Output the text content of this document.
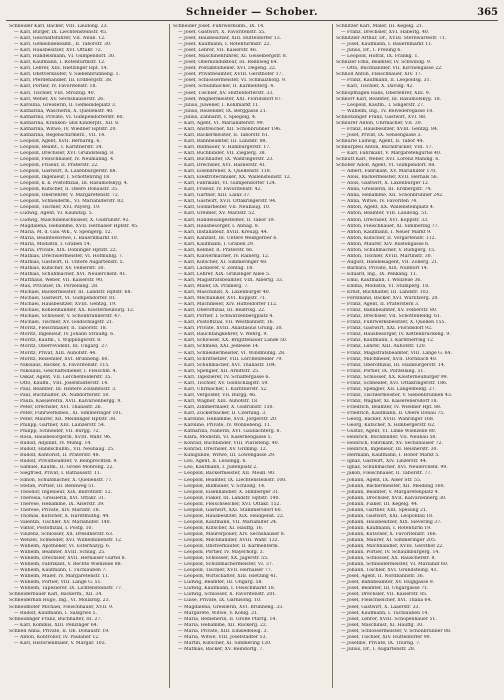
Schneider — Schober.	365
Schneider Karl, Bäcker, VIII. Laudong. 23.
— Karl, Bürger, IX. Liechtensteinstr. 45.
— Karl, Geschäftsführer, VII. Neub. 12.
— Karl, Gemeindebeamt., II. Taborstr. 30.
— Karl, Hausbesitzer, XVI. Ottakr. 72.
— Karl, Handelsmann, VI. Gumpendorf. 30.
— Karl, Kaufmann, I. Rotenturmstr. 12.
— Karl, Lehrer, XIII. Hietzinger Hpt. 14.
— Karl, Obstverkäufer, V. Siebenbrunneng. 1.
— Karl, Pferdehändler, III. Erdbergstr. 38.
— Karl, Portier, IV. Favoritenstr. 18.
— Karl, Tischler, VIII. Strozzig. 40.
— Karl, Weber, XV. Sechshauserstr. 26.
— Karolina, Greislerin, II. Gemeindeplatz 3.
— Katharina, Wäscherin, X. Quellenstr. 40.
— Katharina, Private, VI. Gumpendorferstr. 60.
— Katharina, Kranken- und Kinderpfl., XII. 8.
— Katharina, Witwe, IV. Wiedner Hptstr. 20.
— Katharina, Regenschirmerz., VII. 14.
— Leopold, Agent, XVII. Bernardg. 6.
— Leopold, Beamt., I. Kärntnerstr. 34.
— Leopold, Drechsler, XVI. Grundsteing. 8.
— Leopold, Fleischhauer, IV. Neumanng. 4.
— Leopold, Friseur, II. Praterstr. 22.
— Leopold, Gastwirt, X. Laxenburgerstr. 68.
— Leopold, Ingenieur, I. Schottenring 18.
— Leopold, k. k. Postoffizial, III. Rasumofskyg. 4.
— Leopold, Kutscher, II. Obere Donaustr. 35.
— Leopold, Oberlehrer, V. Margaretenstr. 72.
— Leopold, Schneiderm., VI. Mariahilferstr. 82.
— Leopold, Tischler, XVI. Payerg. 19.
— Ludwig, Agent, VI. Kaunitzg. 5.
— Ludwig, Maschinenschlosser, X. Gudrunstr. 92.
— Magdalena, Hebamme, XVII. Hernalser Hptstr. 45.
— Maria, M. d. Gas.-Wk., V. Spengerg. 12.
— Maria, Beamteswitwe, I. Bauernmarkt 10.
— Maria, Modistin, I. Graben 14.
— Maria, Private, XIX. Döblinger Hptstr. 22.
— Mathias, Drechslermeister, VI. Hofmühlg. 7.
— Mathias, Gastwirt, II. Untere Augartenstr. 5.
— Mathias, Kutscher, XV. Felberstr. 30.
— Mathias, Schuhmacher, XVI. Neulerchenf. 41.
— Matthäus, Weber, VII. Kaiserstr. 90.
— Max, Privatier, IX. Porzellang. 28.
— Michael, Bäckermeister, III. Landstr. Hptstr. 68.
— Michael, Gastwirt, VI. Gumpendorfer. 81.
— Michael, Hausbesitzer, XVIII. Gentzg. 19.
— Michael, Kohlenhändler, XX. Klosterneuburg. 12.
— Michael, Schlosser, V. Schönbrunnerstr. 47.
— Michael, Tischler, XV. Goldschlagstr. 21.
— Moritz, Fleischhauer, II. Taborstr. 18.
— Moritz, Ingenieur, IV. Johann Straußg. 6.
— Moritz, Kaufm., I. Wipplingerstr. 8.
— Moritz, Oberrevident, III. Ungarg. 27.
— Moritz, Privat, XIII. Auhofstr. 44.
— Moritz, Reisender, XVI. Brunneng. 60.
— Nikolaus, Bäcker, X. Favoritenstr. 115.
— Nikolaus, Geschäftsdiener, I. Fleischm. 4.
— Oskar, Agent, VII. Lerchenfelderstr. 35.
— Otto, Kaufm., VIII. Josefstädterstr. 14.
— Paul, Beamter, III. Hintere Zollamtsstr. 3.
— Paul, Buchhalter, IX. Nußdorferstr. 50.
— Paula, Kassiererin, XVII. Kalvarienbergg. 9.
— Peter, Drechsler, XVI. Thaliastr. 26.
— Peter, Fuhrwerksbes., XI. Simmeringer 101.
— Peter, Maurer, XII. Meidlinger Hptstr. 38.
— Philipp, Gärtner, XIII. Lainzerstr. 54.
— Philipp, Schneider, VII. Burgg. 72.
— Rosa, Hausbesorgerin, XVIII. Währ. 96.
— Rudolf, Adjunkt, IV. Mühlg. 14.
— Rudolf, Handschuhm., VII. Neubaug. 25.
— Rudolf, Kontorist, II. Praterstr. 48.
— Rudolf, Privatbeamter, V. Reinprechtsd. 9.
— Samuel, Kaufm., II. Große Mohreng. 22.
— Siegfried, Privat, I. Rathausstr. 11.
— Simon, Schuhmacher, X. Quellenstr. 77.
— Stefan, Portier, III. Rennweg 51.
— Theodor, Ingenieur, XIX. Billrothstr. 12.
— Theresia, Greislerin, XVI. Ottakr. 31.
— Therese, Hebamme, IX. Alserstr. 39.
— Therese, Private, XIV. Märzstr. 18.
— Thomas, Kutscher, X. Hardtmuthg. 44.
— Valentin, Tischler, XV. Mariahilfer. 140.
— Viktor, Postoffizial, I. Postg. 10.
— Vinzenz, Schlosser, XX. Dresdnerstr. 63.
— Wenzel, Schneider, XVI. Wilhelminenstr. 12.
— Wilhelm, Apotheker, VI. Esterhazyg. 6.
— Wilhelm, Beamter, XVIII. Schulg. 25.
— Wilhelm, Drechsler, XVII. Hernalser Gürtel 8.
— Wilhelm, Fabrikant, V. Rechte Wienzeile 88.
— Wilhelm, Kaufmann, I. Tuchlauben 7.
— Wilhelm, Maler, IV. Margaretenstr. 11.
— Wilhelm, Portier, VIII. Lange G. 51.
— Wilhelm, Tapezierer, IX. Lichtensteinstr. 77.
Schneiderbauer Karl, Bäckerm., XII. 34.
Schneiderhan Hugo, Ing., VI. Mollardg. 23.
Schneidhofer Michael, Fleischhauer, XVII. 9.
— Rudolf, Kaufmann, I. Salzgries 5.
Schneidinger Franz, Buchhalter, III. 27.
— Karl, Kommis, XIII. Penzinger 64.
Schnell Anna, Private, II. Ob. Donaustr. 19.
— Anton, Kontrollor, IV. Paulaner 12.
— Karl, Historienmaler, V. Margar. 102.
Schneider Josef, Fuhrwerksinh., IX. 14.
— Josef, Gastwirt, X. Favoritenstr. 55.
— Josef, Hausbesitzer, XIII. Hütteldorfer 13.
— Josef, Kaufmann, I. Rotenturmstr. 22.
— Josef, Lehrer, VII. Kaiserstr. 46.
— Josef, Maschinenführer, XI. Geiselbergstr. 8.
— Josef, Oberkondukteur, III. Rennweg 64.
— Josef, Postamtsdiener, XVI. Degeng. 22.
— Josef, Privatbeamter, XVIII. Gersthofer 17.
— Josef, Schlossermeister, VI. Schmalzhofg. 9.
— Josef, Schuhmacher, II. Karmeliterg. 4.
— Josef, Tischler, XV. Hütteldorferstr. 33.
— Josef, Wagnermeister, XXI. Floridsdorf 87.
— Julius, Juwelier, I. Kohlmarkt 11.
— Julius, Reisender, IX. Berggasse 21.
— Julius, Zahnarzt, I. Spiegelg. 4.
— Karl, Agent, VI. Mariahilferstr. 99.
— Karl, Anstreicher, XII. Schönbrunner 196.
— Karl, Bäckermeister, II. Taborstr. 61.
— Karl, Bahnbeamter, III. Landstr. 88.
— Karl, Bildhauer, V. Hamburgerstr. 17.
— Karl, Buchbinder, VII. Zieglerg. 38.
— Karl, Buchhalter, IX. Währingerstr. 23.
— Karl, Drechsler, XVI. Hasnerstr. 41.
— Karl, Eisendreher, X. Quellenstr. 118.
— Karl, Elektrotechniker, XX. Wallensteinstr. 12.
— Karl, Fabrikant, VI. Gumpendorfer 124.
— Karl, Friseur, IV. Favoritenstr. 42.
— Karl, Gärtner, XIII. Lainz 37.
— Karl, Gastwirt, XVII. Ottakringerstr. 94.
— Karl, Goldarbeiter, VII. Neubaug. 10.
— Karl, Greißler, XV. Märzstr. 52.
— Karl, Handelsangestellter, II. Tabor 19.
— Karl, Hausbesorger, I. Annag. 8.
— Karl, Installateur, XVIII. Kreuzg. 44.
— Karl, Kanzlist, III. Untere Weißgerber 6.
— Karl, Kaufmann, I. Graben 29.
— Karl, Kellner, II. Praterstr. 66.
— Karl, Klaviermacher, IV. Rainerg. 12.
— Karl, Kutscher, XI. Simmeringer 48.
— Karl, Lackierer, V. Zentag. 18.
— Karl, Lehrer, XIX. Grinzinger Allee 5.
— Karl, Magistratsbeamter, VIII. Albertg. 33.
— Karl, Maler, IX. Pramerg. 7.
— Karl, Maschinist, X. Laxenburger 40.
— Karl, Mechaniker, XVI. Koppstr. 71.
— Karl, Milchmeier, XIV. Hütteldorfer 112.
— Karl, Oberoffizial, III. Beatrixg. 22.
— Karl, Portier, I. Schwarzenbergplatz 4.
— Karl, Postoffizial, VII. Westbahnstr. 16.
— Karl, Private, XVIII. Anastasius Grüng. 30.
— Karl, Rauchfangkehrer, V. Wehrg. 9.
— Karl, Schlosser, XX. Brigittenauer Lände 50.
— Karl, Schmied, XXI. Jedlesee 14.
— Karl, Schneidermeister, VI. Windmühlg. 28.
— Karl, Schriftsetzer, VIII. Lerchenfelder 79.
— Karl, Schuhmacher, XVI. Thaliastr. 104.
— Karl, Spengler, XII. Arndtstr. 25.
— Karl, Tapezierer, IV. Schäffergasse 6.
— Karl, Tischler, XV. Goldschlagstr. 59.
— Karl, Uhrmacher, I. Kärntnerstr. 52.
— Karl, Vergolder, VII. Burgg. 46.
— Karl, Wagner, XIII. Auhofstr. 18.
— Karl, Zimmermaler, X. Gudrunstr. 150.
— Karl, Zuckerbäcker, II. Czerning. 3.
— Karoline, Hebamme, XVII. Jörgerstr. 20.
— Karoline, Private, IV. Wohllebeng. 11.
— Katharina, Näherin, XVI. Gaullachterg. 8.
— Klara, Modistin, VI. Kasernengasse 5.
— Konrad, Buchbinder, VIII. Piaristeng. 40.
— Konrad, Drechsler, XV. Grimmg. 12.
— Kunigunde, Witwe, III. Löwengasse 29.
— Leo, Agent, II. Lessingg. 6.
— Leo, Kaufmann, I. Judenplatz 2.
— Leopold, Bäckermeister, XII. Meidl. 90.
— Leopold, Beamter, IX. Liechtensteinstr. 100.
— Leopold, Bildhauer, V. Schloßg. 14.
— Leopold, Eisenhändler, X. Himberger 31.
— Leopold, Fiaker, III. Landstr. Hptstr. 140.
— Leopold, Fleischselcher, XVI. Ottakr. 152.
— Leopold, Gastwirt, XXI. Stammersdorf 60.
— Leopold, Hausbesitzer, XIX. Heiligenst. 22.
— Leopold, Kaufmann, VII. Mariahilfer 24.
— Leopold, Kutscher, XI. Hauffg. 16.
— Leopold, Maurerpolier, XIV. Sechshauser 8.
— Leopold, Milchhändler, XVIII. Währ. 132.
— Leopold, Obstverkäufer, II. Karmeliterm.
— Leopold, Portier, IV. Mayerhofg. 3.
— Leopold, Schlosser, XX. Jägerstr. 55.
— Leopold, Schuhmachermeister, VI. 37.
— Leopold, Tischler, XVII. Hernalser 77.
— Leopold, Wirtschafter, XIII. Hietzing 41.
— Ludwig, Beamter, III. Ungarg. 58.
— Ludwig, Kaufmann, I. Fleischmarkt 18.
— Ludwig, Schlosser, X. Favoritenstr. 201.
— Luise, Private, IX. Garnisong. 10.
— Magdalena, Greislerin, XVI. Brunneng. 33.
— Margarete, Witwe, V. Kohlg. 21.
— Maria, Bedienerin, II. Große Pfarrg. 14.
— Maria, Hebamme, XII. Ruckerg. 22.
— Maria, Private, XIII. Einsiedeleig. 3.
— Maria, Witwe, VIII. Josefstädter 53.
— Martin, Kutscher, XI. Simmering 120.
— Mathias, Bäcker, XV. Reindorfg. 7.
Schnitzer Karl, Maler, III. Kegelg. 21.
— Franz, Drechsler, XVI. Haberlg. 40.
Schnitzler Arthur, Dr., XVIII. Sternwartestr. 71.
— Josef, Kaufmann, I. Bauernmarkt 11.
— Julius, Dr., I. Freiung 6.
— Leopold, Hofrat, IX. Frankg. 1.
Schnizer Emil, Beamter, IV. Schwindg. 9.
— Otto, Buchhändler, VII. Kirchengasse 22.
Schnöll Anton, Fleischhauer, XIV. 17.
— Franz, Kaufmann, II. Leopoldsg. 31.
— Karl, Tischler, X. Davidg. 42.
Schnopfhagen Hans, Oberlehrer, XIII. 9.
Schnorr Karl, Beamter, III. Rasumofskyg. 18.
— Leopold, Kaufm., I. Singerstr. 27.
— Wilhelm, Ing., IV. Belvederegasse 10.
Schnötzinger Franz, Gastwirt, XVI. 88.
Schnürer Anton, Uhrmacher, VII. 39.
— Franz, Hausbesitzer, XVIII. Gentzg. 84.
— Josef, Privat, IX. Sensengasse 3.
Schnürle Ludwig, Agent, II. Tabor 44.
Schnurpfeil Anton, Buchdrucker, VIII. 17.
— Karl, Fabrikant, V. Margaretengürtel 40.
Schnutt Karl, Weber, XVI. Lorenz Mandlg. 6.
Schober Adolf, Agent, VI. Gumpendorf. 88.
— Albert, Fabrikant, XV. Mariahilfer 170.
— Alois, Bäckermeister, XVII. Hernals 56.
— Alois, Gastwirt, X. Laxenburger 12.
— Anna, Greislerin, III. Erdbergstr. 74.
— Anna, Hebamme, XII. Schönbrunner 242.
— Anna, Witwe, IV. Favoriten 74.
— Anton, Agent, XX. Wallensteinplatz 4.
— Anton, Beamter, VIII. Laudong. 51.
— Anton, Drechsler, XVI. Koppstr. 33.
— Anton, Fleischhauer, XI. Simmering 77.
— Anton, Kaufmann, I. Neuer Markt 9.
— Anton, Kutscher, II. Vorgartenstr. 112.
— Anton, Maurer, XIV. Rustengasse 6.
— Anton, Schuhmacher, V. Rüdigerg. 15.
— Anton, Tischler, XVIII. Martinstr. 30.
— August, Handelsagent, VII. Zollerg. 21.
— Barbara, Private, XIX. Nußdorf 14.
— Eduard, Ing., IX. Pelikang. 11.
— Emil, Kaufmann, I. Wollzeile 36.
— Emma, Modistin, VI. Stumperg. 18.
— Ernst, Buchhalter, III. Landstr. 102.
— Ferdinand, Bäcker, XVI. Wurlitzerg. 20.
— Franz, Agent, II. Praterstern 3.
— Franz, Bahnbeamter, XV. Felberstr. 80.
— Franz, Drechsler, VII. Schottenfeldg. 61.
— Franz, Fuhrwerksbesitzer, X. Quellen 155.
— Franz, Gastwirt, XXI. Floridsdorf 92.
— Franz, Hausbesorger, IV. Kettenbrückeng. 9.
— Franz, Kaufmann, I. Kärntnerring 12.
— Franz, Lehrer, XIII. Auhofstr. 120.
— Franz, Magistratsbeamter, VIII. Lange G. 64.
— Franz, Milchmeier, XVII. Dornbach 40.
— Franz, Oberoffizial, III. Hainburgerstr. 14.
— Franz, Portier, IX. Porzellang. 51.
— Franz, Schlosser, XX. Klosterneuburger 99.
— Franz, Schneider, XVI. Ottakringerstr. 186.
— Franz, Spengler, XII. Längenfeldg. 27.
— Franz, Tischlermeister, V. Siebenbrunnen 43.
— Franz, Wagner, XI. Kaiserebersdorf 18.
— Friedrich, Beamter, IV. Wiedner Hpt. 88.
— Friedrich, Kaufmann, II. Obere Donau 75.
— Georg, Bäcker, XVIII. Währinger 168.
— Georg, Kutscher, X. Himbergerstr. 62.
— Gustav, Agent, VI. Linke Wienzeile 80.
— Heinrich, Buchbinder, VII. Neubau 58.
— Heinrich, Fabrikant, XV. Sechshauser 72.
— Heinrich, Ingenieur, III. Reisnerstr. 30.
— Hermann, Kaufmann, I. Hoher Markt 5.
— Ignaz, Gastwirt, XIV. Linzerstr. 44.
— Ignaz, Schuhmacher, XVI. Neulerchenf. 99.
— Jakob, Fleischhauer, II. Taborstr. 77.
— Johann, Agent, IX. Alser Str. 55.
— Johann, Bäckermeister, XII. Meidling 160.
— Johann, Beamter, V. Margaretenplatz 4.
— Johann, Drechsler, XVII. Kalvarienberg 30.
— Johann, Fiaker, III. Kegelg. 44.
— Johann, Gärtner, XIII. Speising 21.
— Johann, Gastwirt, XXI. Leopoldau 18.
— Johann, Hausbesitzer, XIX. Sievering 37.
— Johann, Kaufmann, I. Rotenturm 19.
— Johann, Kutscher, X. Favoritenstr. 166.
— Johann, Maurer, XI. Simmeringer 205.
— Johann, Milchhändler, XVIII. Gersthof 22.
— Johann, Portier, IV. Schaumburgerg. 14.
— Johann, Schlosser, XX. Rauscherstr. 8.
— Johann, Schneidermeister, VI. Mariahilf 60.
— Johann, Tischler, XVI. Grundsteing. 41.
— Josef, Agent, II. Nordbahnstr. 36.
— Josef, Bahnbeamter, XV. Huglgasse 9.
— Josef, Beamter, III. Ungargasse 71.
— Josef, Drechsler, VII. Kaiserstr. 85.
— Josef, Fleischselcher, XVI. Thalia 64.
— Josef, Gastwirt, X. Laaerstr. 33.
— Josef, Kaufmann, I. Tuchlauben 14.
— Josef, Lehrer, XVIII. Schopenhauer 51.
— Josef, Maschinist, XI. Hauffg. 30.
— Josef, Schlossermeister, V. Schönbrunner 88.
— Josef, Tischler, XIV. Hütteldorfer 90.
— Josefine, Private, IX. Thurng. 7.
— Julius, Dr., I. Augartenstr. 28.
